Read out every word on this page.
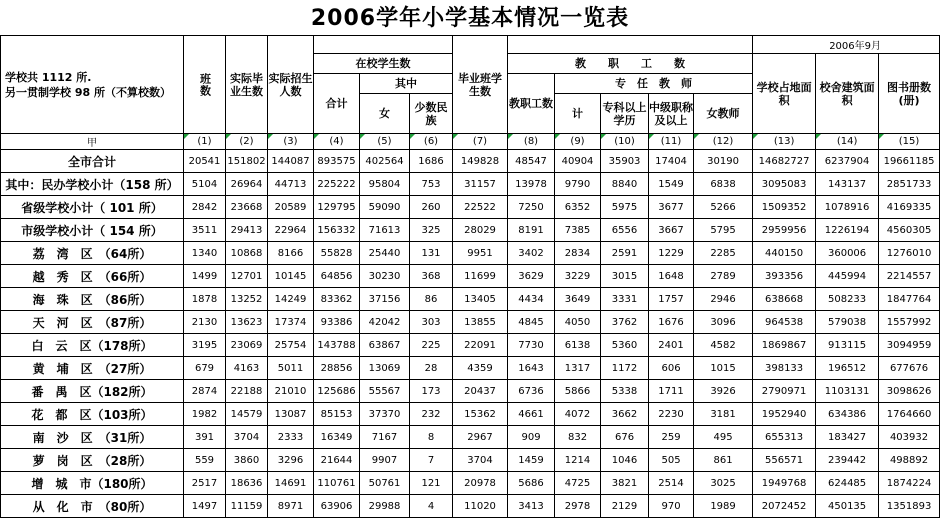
2006学年小学基本情况一览表
学校共 1112 所.
另一贯制学校 98 所（不算校数）	班数	实际毕业生数	实际招生人数				毕业班学生数						2006年9月		
				在校学生数				教　　职　　工　　数					学校占地面积	校舍建筑面积	图书册数(册)
				合计	其中			教职工数	专　任　教　师						
					女	少数民族			计	专科以上学历	中级职称及以上	女教师			

甲	(1)	(2)	(3)	(4)	(5)	(6)	(7)	(8)	(9)	(10)	(11)	(12)	(13)	(14)	(15)
全市合计	20541	151802	144087	893575	402564	1686	149828	48547	40904	35903	17404	30190	14682727	6237904	19661185
其中：民办学校小计（158 所）	5104	26964	44713	225222	95804	753	31157	13978	9790	8840	1549	6838	3095083	143137	2851733
省级学校小计（ 101 所）	2842	23668	20589	129795	59090	260	22522	7250	6352	5975	3677	5266	1509352	1078916	4169335
市级学校小计（ 154 所）	3511	29413	22964	156332	71613	325	28029	8191	7385	6556	3667	5795	2959956	1226194	4560305
荔　湾　区　（64所）	1340	10868	8166	55828	25440	131	9951	3402	2834	2591	1229	2285	440150	360006	1276010
越　秀　区　（66所）	1499	12701	10145	64856	30230	368	11699	3629	3229	3015	1648	2789	393356	445994	2214557
海　珠　区　（86所）	1878	13252	14249	83362	37156	86	13405	4434	3649	3331	1757	2946	638668	508233	1847764
天　河　区　（87所）	2130	13623	17374	93386	42042	303	13855	4845	4050	3762	1676	3096	964538	579038	1557992
白　云　区（178所）	3195	23069	25754	143788	63867	225	22091	7730	6138	5360	2401	4582	1869867	913115	3094959
黄　埔　区　（27所）	679	4163	5011	28856	13069	28	4359	1643	1317	1172	606	1015	398133	196512	677676
番　禺　区（182所）	2874	22188	21010	125686	55567	173	20437	6736	5866	5338	1711	3926	2790971	1103131	3098626
花　都　区（103所）	1982	14579	13087	85153	37370	232	15362	4661	4072	3662	2230	3181	1952940	634386	1764660
南　沙　区　（31所）	391	3704	2333	16349	7167	8	2967	909	832	676	259	495	655313	183427	403932
萝　岗　区　（28所）	559	3860	3296	21644	9907	7	3704	1459	1214	1046	505	861	556571	239442	498892
增　城　市（180所）	2517	18636	14691	110761	50761	121	20978	5686	4725	3821	2514	3025	1949768	624485	1874224
从　化　市　（80所）	1497	11159	8971	63906	29988	4	11020	3413	2978	2129	970	1989	2072452	450135	1351893
